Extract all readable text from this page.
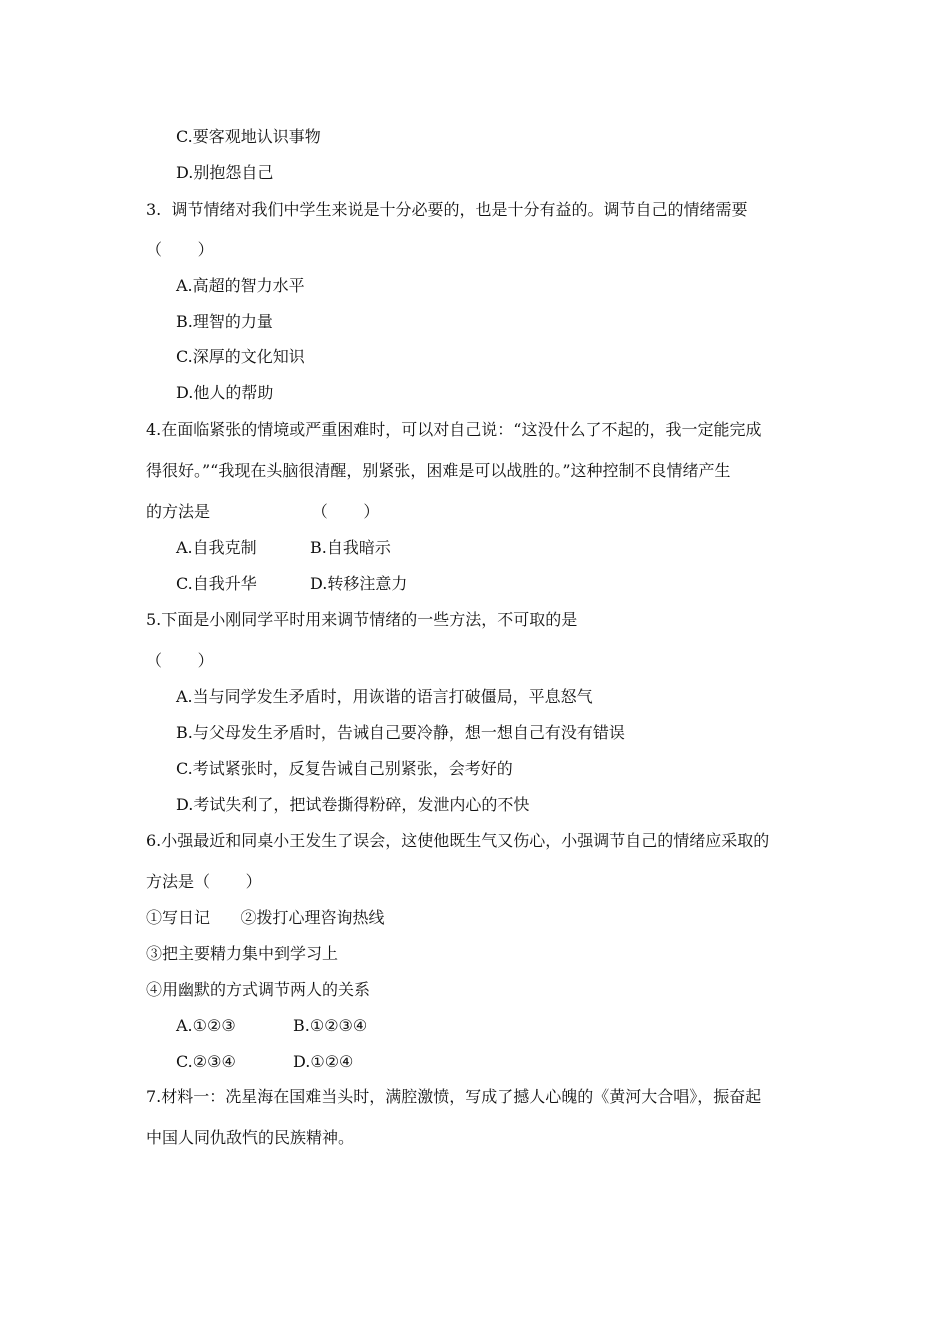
C.要客观地认识事物
D.别抱怨自己
3.  调节情绪对我们中学生来说是十分必要的，也是十分有益的。调节自己的情绪需要
（       ）
A.高超的智力水平
B.理智的力量
C.深厚的文化知识
D.他人的帮助
4.在面临紧张的情境或严重困难时，可以对自己说：“这没什么了不起的，我一定能完成
得很好。”“我现在头脑很清醒，别紧张，困难是可以战胜的。”这种控制不良情绪产生
的方法是                    （       ）
A.自我克制	B.自我暗示
C.自我升华	D.转移注意力
5.下面是小刚同学平时用来调节情绪的一些方法，不可取的是
（       ）
A.当与同学发生矛盾时，用诙谐的语言打破僵局，平息怒气
B.与父母发生矛盾时，告诫自己要冷静，想一想自己有没有错误
C.考试紧张时，反复告诫自己别紧张，会考好的
D.考试失利了，把试卷撕得粉碎，发泄内心的不快
6.小强最近和同桌小王发生了误会，这使他既生气又伤心，小强调节自己的情绪应采取的
方法是（       ）
①写日记      ②拨打心理咨询热线
③把主要精力集中到学习上
④用幽默的方式调节两人的关系
A.①②③	B.①②③④
C.②③④	D.①②④
7.材料一：冼星海在国难当头时，满腔激愤，写成了撼人心魄的《黄河大合唱》，振奋起
中国人同仇敌忾的民族精神。
